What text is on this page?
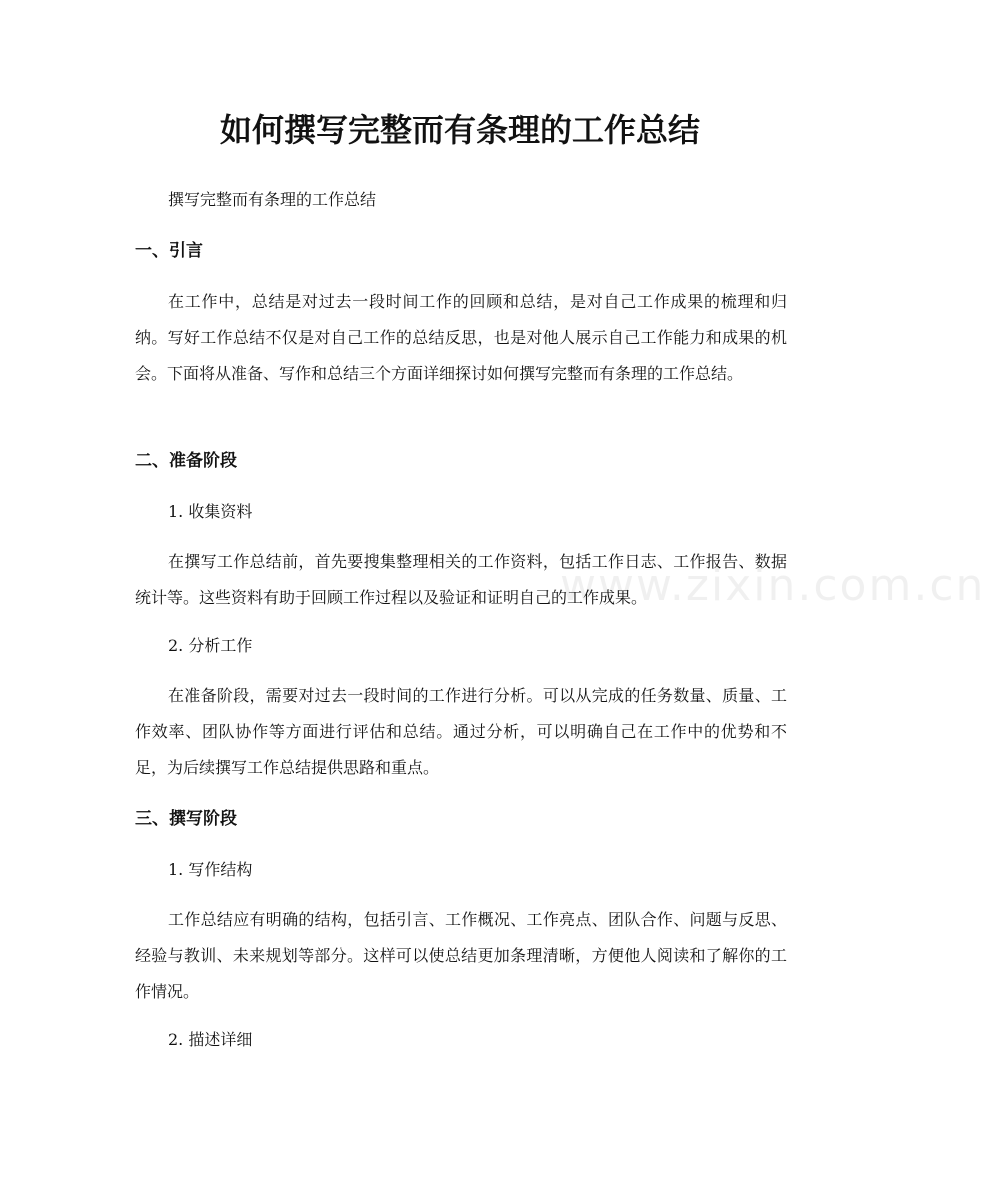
www.zixin.com.cn
如何撰写完整而有条理的工作总结

撰写完整而有条理的工作总结

一、引言

在工作中，总结是对过去一段时间工作的回顾和总结，是对自己工作成果的梳理和归纳。写好工作总结不仅是对自己工作的总结反思，也是对他人展示自己工作能力和成果的机会。下面将从准备、写作和总结三个方面详细探讨如何撰写完整而有条理的工作总结。

二、准备阶段

1. 收集资料

在撰写工作总结前，首先要搜集整理相关的工作资料，包括工作日志、工作报告、数据统计等。这些资料有助于回顾工作过程以及验证和证明自己的工作成果。

2. 分析工作

在准备阶段，需要对过去一段时间的工作进行分析。可以从完成的任务数量、质量、工作效率、团队协作等方面进行评估和总结。通过分析，可以明确自己在工作中的优势和不足，为后续撰写工作总结提供思路和重点。

三、撰写阶段

1. 写作结构

工作总结应有明确的结构，包括引言、工作概况、工作亮点、团队合作、问题与反思、经验与教训、未来规划等部分。这样可以使总结更加条理清晰，方便他人阅读和了解你的工作情况。

2. 描述详细
